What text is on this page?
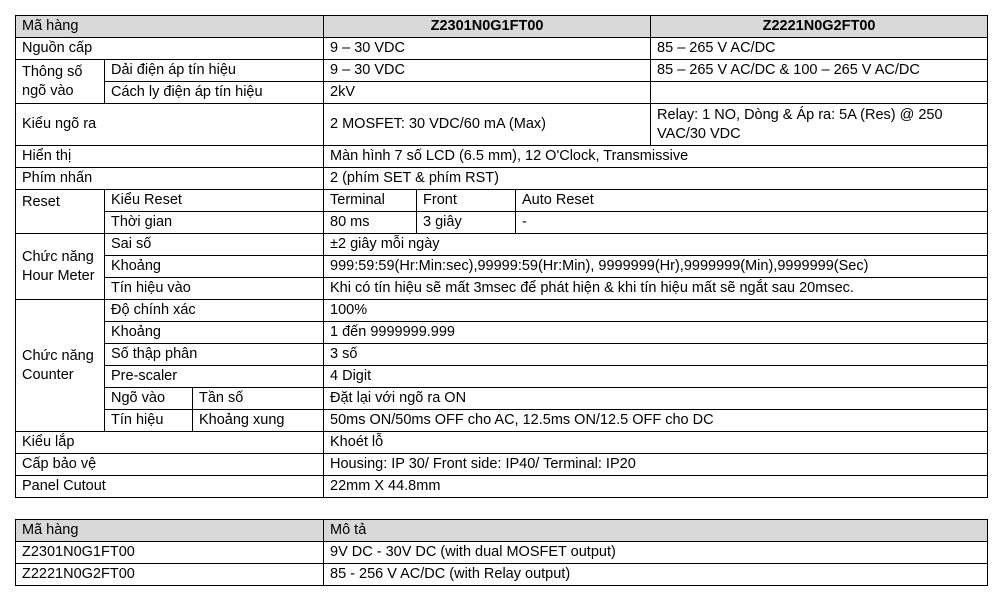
Mã hàng			Z2301N0G1FT00			Z2221N0G2FT00
Nguồn cấp			9 – 30 VDC			85 – 265 V AC/DC
Thông số ngõ vào	Dải điện áp tín hiệu		9 – 30 VDC			85 – 265 V AC/DC & 100 – 265 V AC/DC
	Cách ly điện áp tín hiệu		2kV			
Kiểu ngõ ra			2 MOSFET: 30 VDC/60 mA (Max)			Relay: 1 NO, Dòng & Áp ra: 5A (Res) @ 250 VAC/30 VDC
Hiển thị			Màn hình 7 số LCD (6.5 mm), 12 O'Clock, Transmissive			
Phím nhấn			2 (phím SET & phím RST)			
Reset	Kiểu Reset		Terminal	Front	Auto Reset	
	Thời gian		80 ms	3 giây	-	
Chức năng Hour Meter	Sai số		±2 giây mỗi ngày			
	Khoảng		999:59:59(Hr:Min:sec),99999:59(Hr:Min), 9999999(Hr),9999999(Min),9999999(Sec)			
	Tín hiệu vào		Khi có tín hiệu sẽ mất 3msec để phát hiện & khi tín hiệu mất sẽ ngắt sau 20msec.			
Chức năng Counter	Độ chính xác		100%			
	Khoảng		1 đến 9999999.999			
	Số thập phân		3 số			
	Pre-scaler		4 Digit			
	Ngõ vào	Tần số	Đặt lại với ngõ ra ON			
	Tín hiệu	Khoảng xung	50ms ON/50ms OFF cho AC, 12.5ms ON/12.5 OFF cho DC			
Kiểu lắp			Khoét lỗ			
Cấp bảo vệ			Housing: IP 30/ Front side: IP40/ Terminal: IP20			
Panel Cutout			22mm X 44.8mm			
Mã hàng	Mô tả
Z2301N0G1FT00	9V DC - 30V DC (with dual MOSFET output)
Z2221N0G2FT00	85 - 256 V AC/DC (with Relay output)
